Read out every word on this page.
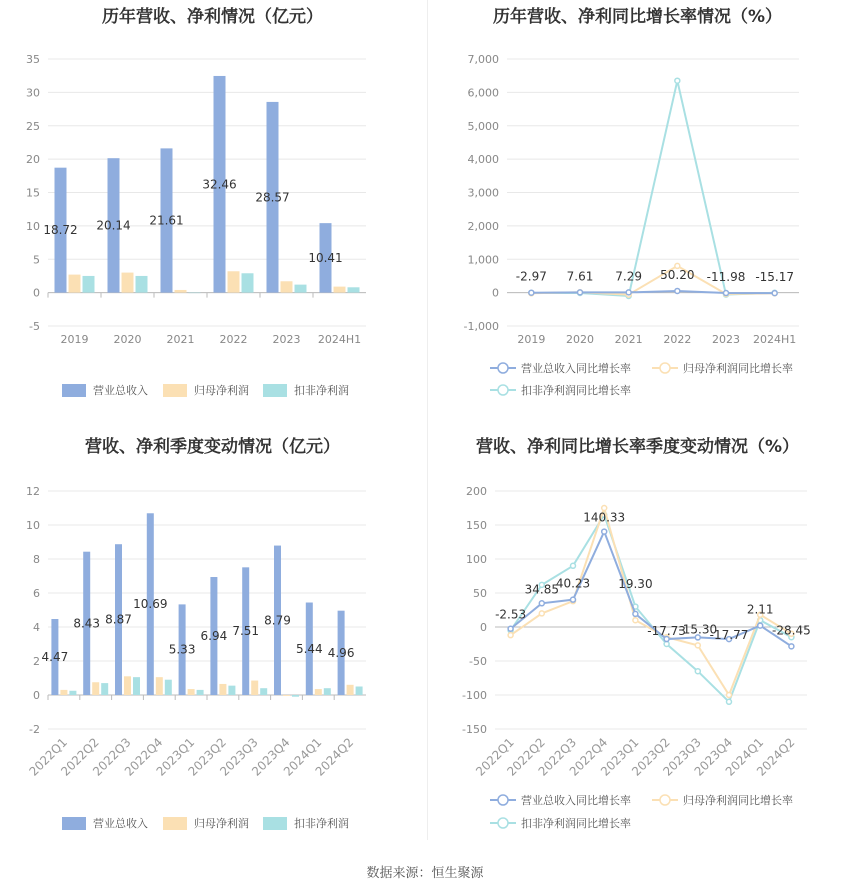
历年营收、净利情况（亿元）
-5
0
5
10
15
20
25
30
35
2019 2020 2021 2022 2023 2024H1
18.72 20.14 21.61
32.46
28.57
10.41
营业总收入	归母净利润	扣非净利润
历年营收、净利同比增长率情况（%）
-1,000
0
1,000
2,000
3,000
4,000
5,000
6,000
7,000
2019 2020 2021 2022 2023 2024H1
-2.97 7.61 7.29 50.20 -11.98 -15.17
营业总收入同比增长率	归母净利润同比增长率
扣非净利润同比增长率
营收、净利季度变动情况（亿元）
-2
0
2
4
6
8
10
12
2022Q1
2022Q2
2022Q3
2022Q4
2023Q1
2023Q2
2023Q3
2023Q4
2024Q1
2024Q2
4.47
8.43 8.87
10.69
5.33
6.94 7.51
8.79
5.44 4.96
营业总收入	归母净利润	扣非净利润
营收、净利同比增长率季度变动情况（%）
-150
-100
-50
0
50
100
150
200
2022Q1
2022Q2
2022Q3
2022Q4
2023Q1
2023Q2
2023Q3
2023Q4
2024Q1
2024Q2
-2.53
34.85
40.23
140.33
19.30
-17.73
-15.30
-17.77
2.11
-28.45
营业总收入同比增长率	归母净利润同比增长率
扣非净利润同比增长率
数据来源：恒生聚源
